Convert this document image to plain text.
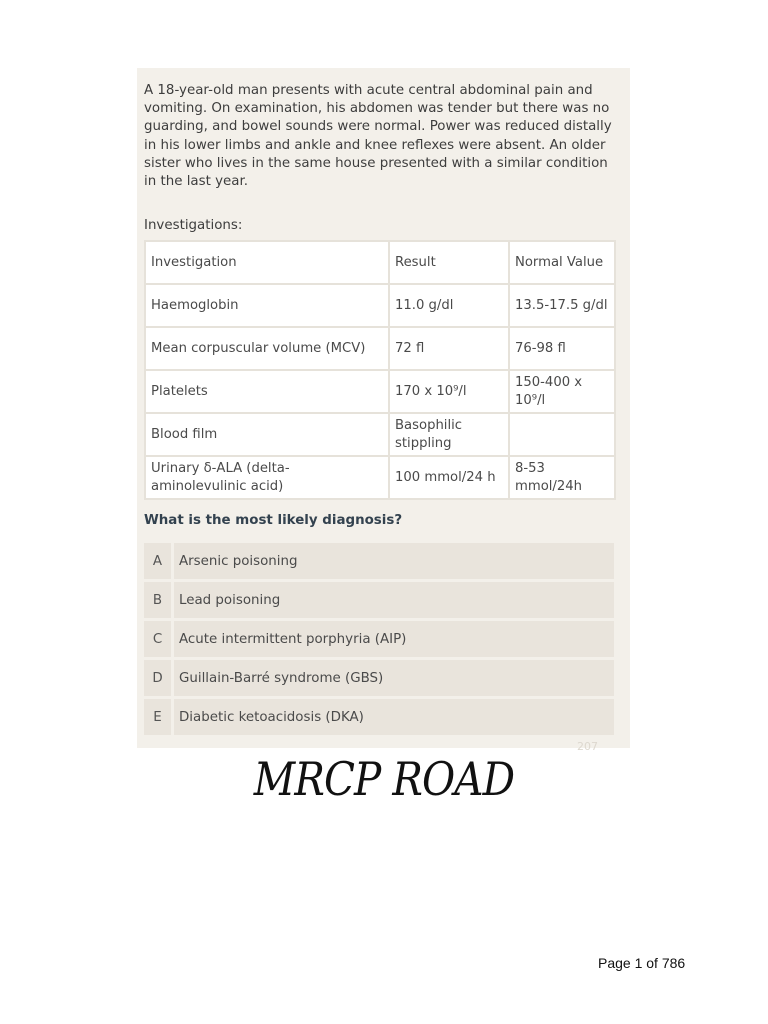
A 18-year-old man presents with acute central abdominal pain and vomiting. On examination, his abdomen was tender but there was no guarding, and bowel sounds were normal. Power was reduced distally in his lower limbs and ankle and knee reflexes were absent. An older sister who lives in the same house presented with a similar condition in the last year.
Investigations:
Investigation	Result	Normal Value
Haemoglobin	11.0 g/dl	13.5-17.5 g/dl
Mean corpuscular volume (MCV)	72 fl	76-98 fl
Platelets	170 x 10⁹/l	150-400 x 10⁹/l
Blood film	Basophilic stippling	
Urinary δ-ALA (delta-aminolevulinic acid)	100 mmol/24 h	8-53 mmol/24h
What is the most likely diagnosis?
A	Arsenic poisoning
B	Lead poisoning
C	Acute intermittent porphyria (AIP)
D	Guillain-Barré syndrome (GBS)
E	Diabetic ketoacidosis (DKA)
207
MRCP ROAD
Page 1 of 786
